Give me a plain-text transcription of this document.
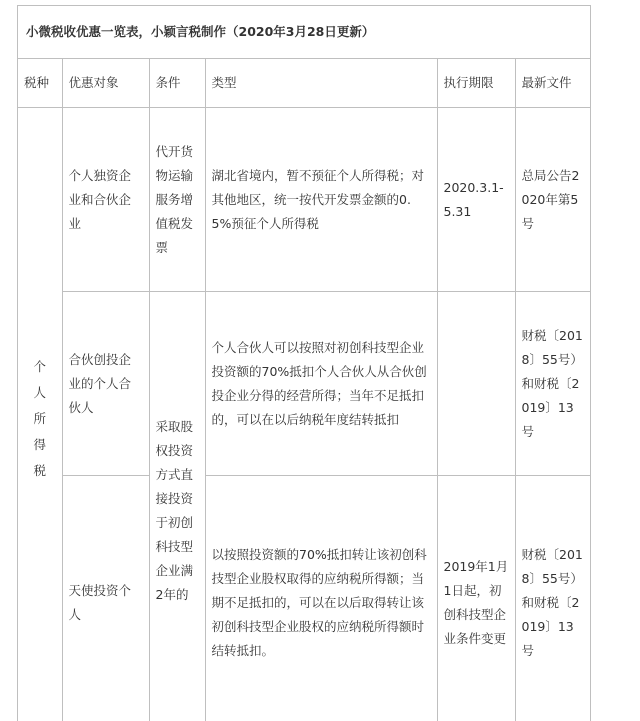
小微税收优惠一览表，小颖言税制作（2020年3月28日更新）
税种	优惠对象	条件	类型	执行期限	最新文件

个
人
所
得
税	个人独资企业和合伙企业	代开货物运输服务增值税发票	湖北省境内，暂不预征个人所得税；对其他地区，统一按代开发票金额的0.5%预征个人所得税	2020.3.1-5.31	总局公告2020年第5号
	合伙创投企业的个人合伙人	采取股权投资方式直接投资于初创科技型企业满2年的	个人合伙人可以按照对初创科技型企业投资额的70%抵扣个人合伙人从合伙创投企业分得的经营所得；当年不足抵扣的，可以在以后纳税年度结转抵扣		财税〔2018〕55号）和财税〔2019〕13号
	天使投资个人		以按照投资额的70%抵扣转让该初创科技型企业股权取得的应纳税所得额；当期不足抵扣的，可以在以后取得转让该初创科技型企业股权的应纳税所得额时结转抵扣。	2019年1月1日起，初创科技型企业条件变更	财税〔2018〕55号）和财税〔2019〕13号
